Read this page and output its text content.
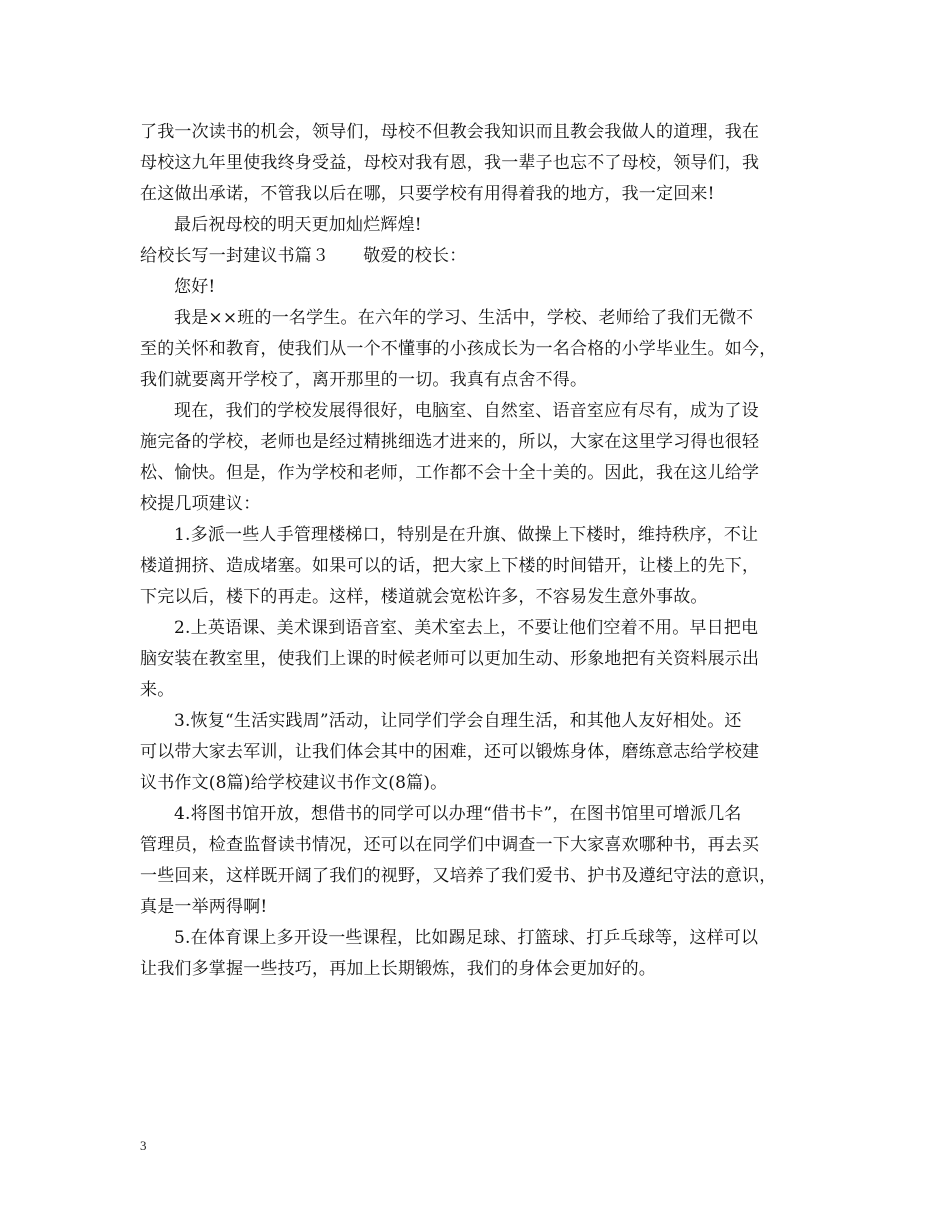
了我一次读书的机会，领导们，母校不但教会我知识而且教会我做人的道理，我在
母校这九年里使我终身受益，母校对我有恩，我一辈子也忘不了母校，领导们，我
在这做出承诺，不管我以后在哪，只要学校有用得着我的地方，我一定回来!
最后祝母校的明天更加灿烂辉煌!
给校长写一封建议书篇３ 敬爱的校长：
您好!
我是××班的一名学生。在六年的学习、生活中，学校、老师给了我们无微不
至的关怀和教育，使我们从一个不懂事的小孩成长为一名合格的小学毕业生。如今，
我们就要离开学校了，离开那里的一切。我真有点舍不得。
现在，我们的学校发展得很好，电脑室、自然室、语音室应有尽有，成为了设
施完备的学校，老师也是经过精挑细选才进来的，所以，大家在这里学习得也很轻
松、愉快。但是，作为学校和老师，工作都不会十全十美的。因此，我在这儿给学
校提几项建议：
1.多派一些人手管理楼梯口，特别是在升旗、做操上下楼时，维持秩序，不让
楼道拥挤、造成堵塞。如果可以的话，把大家上下楼的时间错开，让楼上的先下，
下完以后，楼下的再走。这样，楼道就会宽松许多，不容易发生意外事故。
2.上英语课、美术课到语音室、美术室去上，不要让他们空着不用。早日把电
脑安装在教室里，使我们上课的时候老师可以更加生动、形象地把有关资料展示出
来。
3.恢复“生活实践周”活动，让同学们学会自理生活，和其他人友好相处。还
可以带大家去军训，让我们体会其中的困难，还可以锻炼身体，磨练意志给学校建
议书作文(8篇)给学校建议书作文(8篇)。
4.将图书馆开放，想借书的同学可以办理“借书卡”，在图书馆里可增派几名
管理员，检查监督读书情况，还可以在同学们中调查一下大家喜欢哪种书，再去买
一些回来，这样既开阔了我们的视野，又培养了我们爱书、护书及遵纪守法的意识，
真是一举两得啊!
5.在体育课上多开设一些课程，比如踢足球、打篮球、打乒乓球等，这样可以
让我们多掌握一些技巧，再加上长期锻炼，我们的身体会更加好的。
3
